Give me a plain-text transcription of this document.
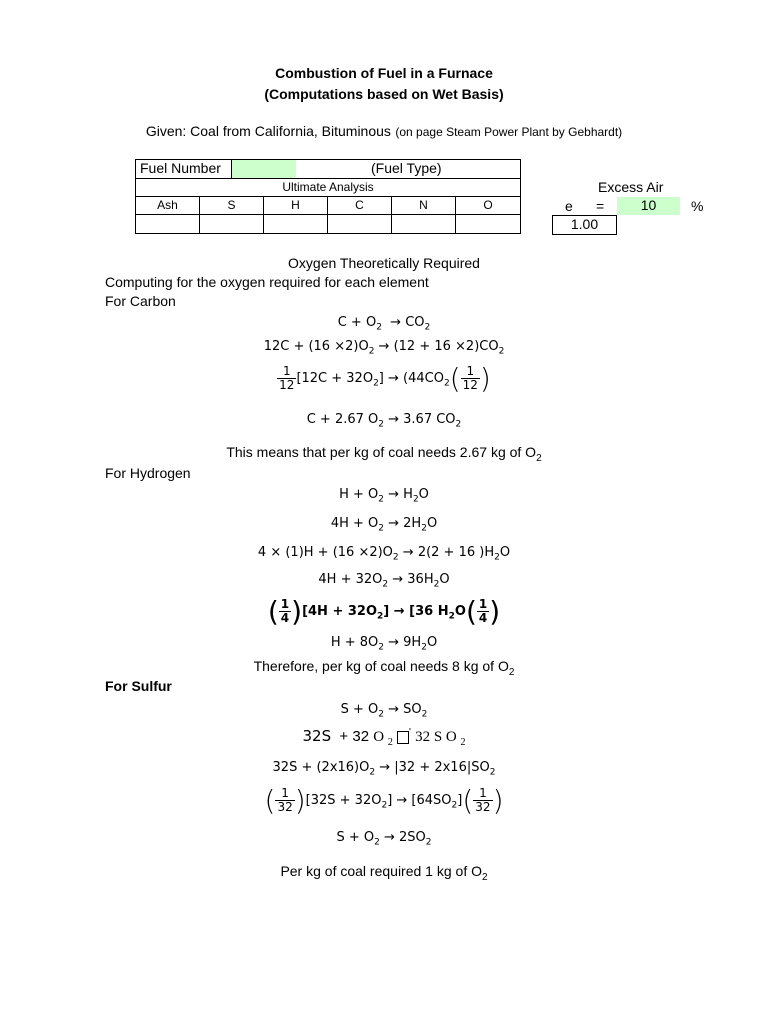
Combustion of Fuel in a Furnace
(Computations based on Wet Basis)
Given: Coal from California, Bituminous (on page Steam Power Plant by Gebhardt)
Fuel Number	(Fuel Type)
Ultimate Analysis
Ash	S	H	C	N	O
Excess Air
e =	10	%
1.00
Oxygen Theoretically Required
Computing for the oxygen required for each element
For Carbon
$C + O_2 \to CO_2$
$12C + (16 \times 2)O_2 \to (12 + 16 \times 2)CO_2$
$\frac{1}{12} [12C + 32O_2] \to (44CO_2( \frac{1}{12}$ )
C + 2.67 $O_2 \to 3.67$ $CO_2$
This means that per kg of coal needs 2.67 kg of $O_2$
For Hydrogen
$H + O_2 \to H_2O$
$4H + O_2 \to 2H_2O$
$4 \times (1)H + (16 \times 2)O_2 \to 2(2 + 16$ )$H_2O$
$4H + 32O_2 \to 36H_2O$
( $\frac{1}{4} )[4H + 32O_2] \to [36$ $H_2O( \frac{1}{4}$ )
$H + 8O_2 \to 9H_2O$
Therefore, per kg of coal needs 8 kg of $O_2$
For Sulfur
$S + O_2 \to SO_2$
32S  + 32 O $_2$ ' 32 S O $_2$
$32S + (2x16)O_2 \to |32 + 2x16|SO_2$
( $\frac{1}{32} )[32S + 32O_2] \to [64SO_2]( \frac{1}{32}$ )
$S + O_2 \to 2SO_2$
Per kg of coal required 1 kg of $O_2$
